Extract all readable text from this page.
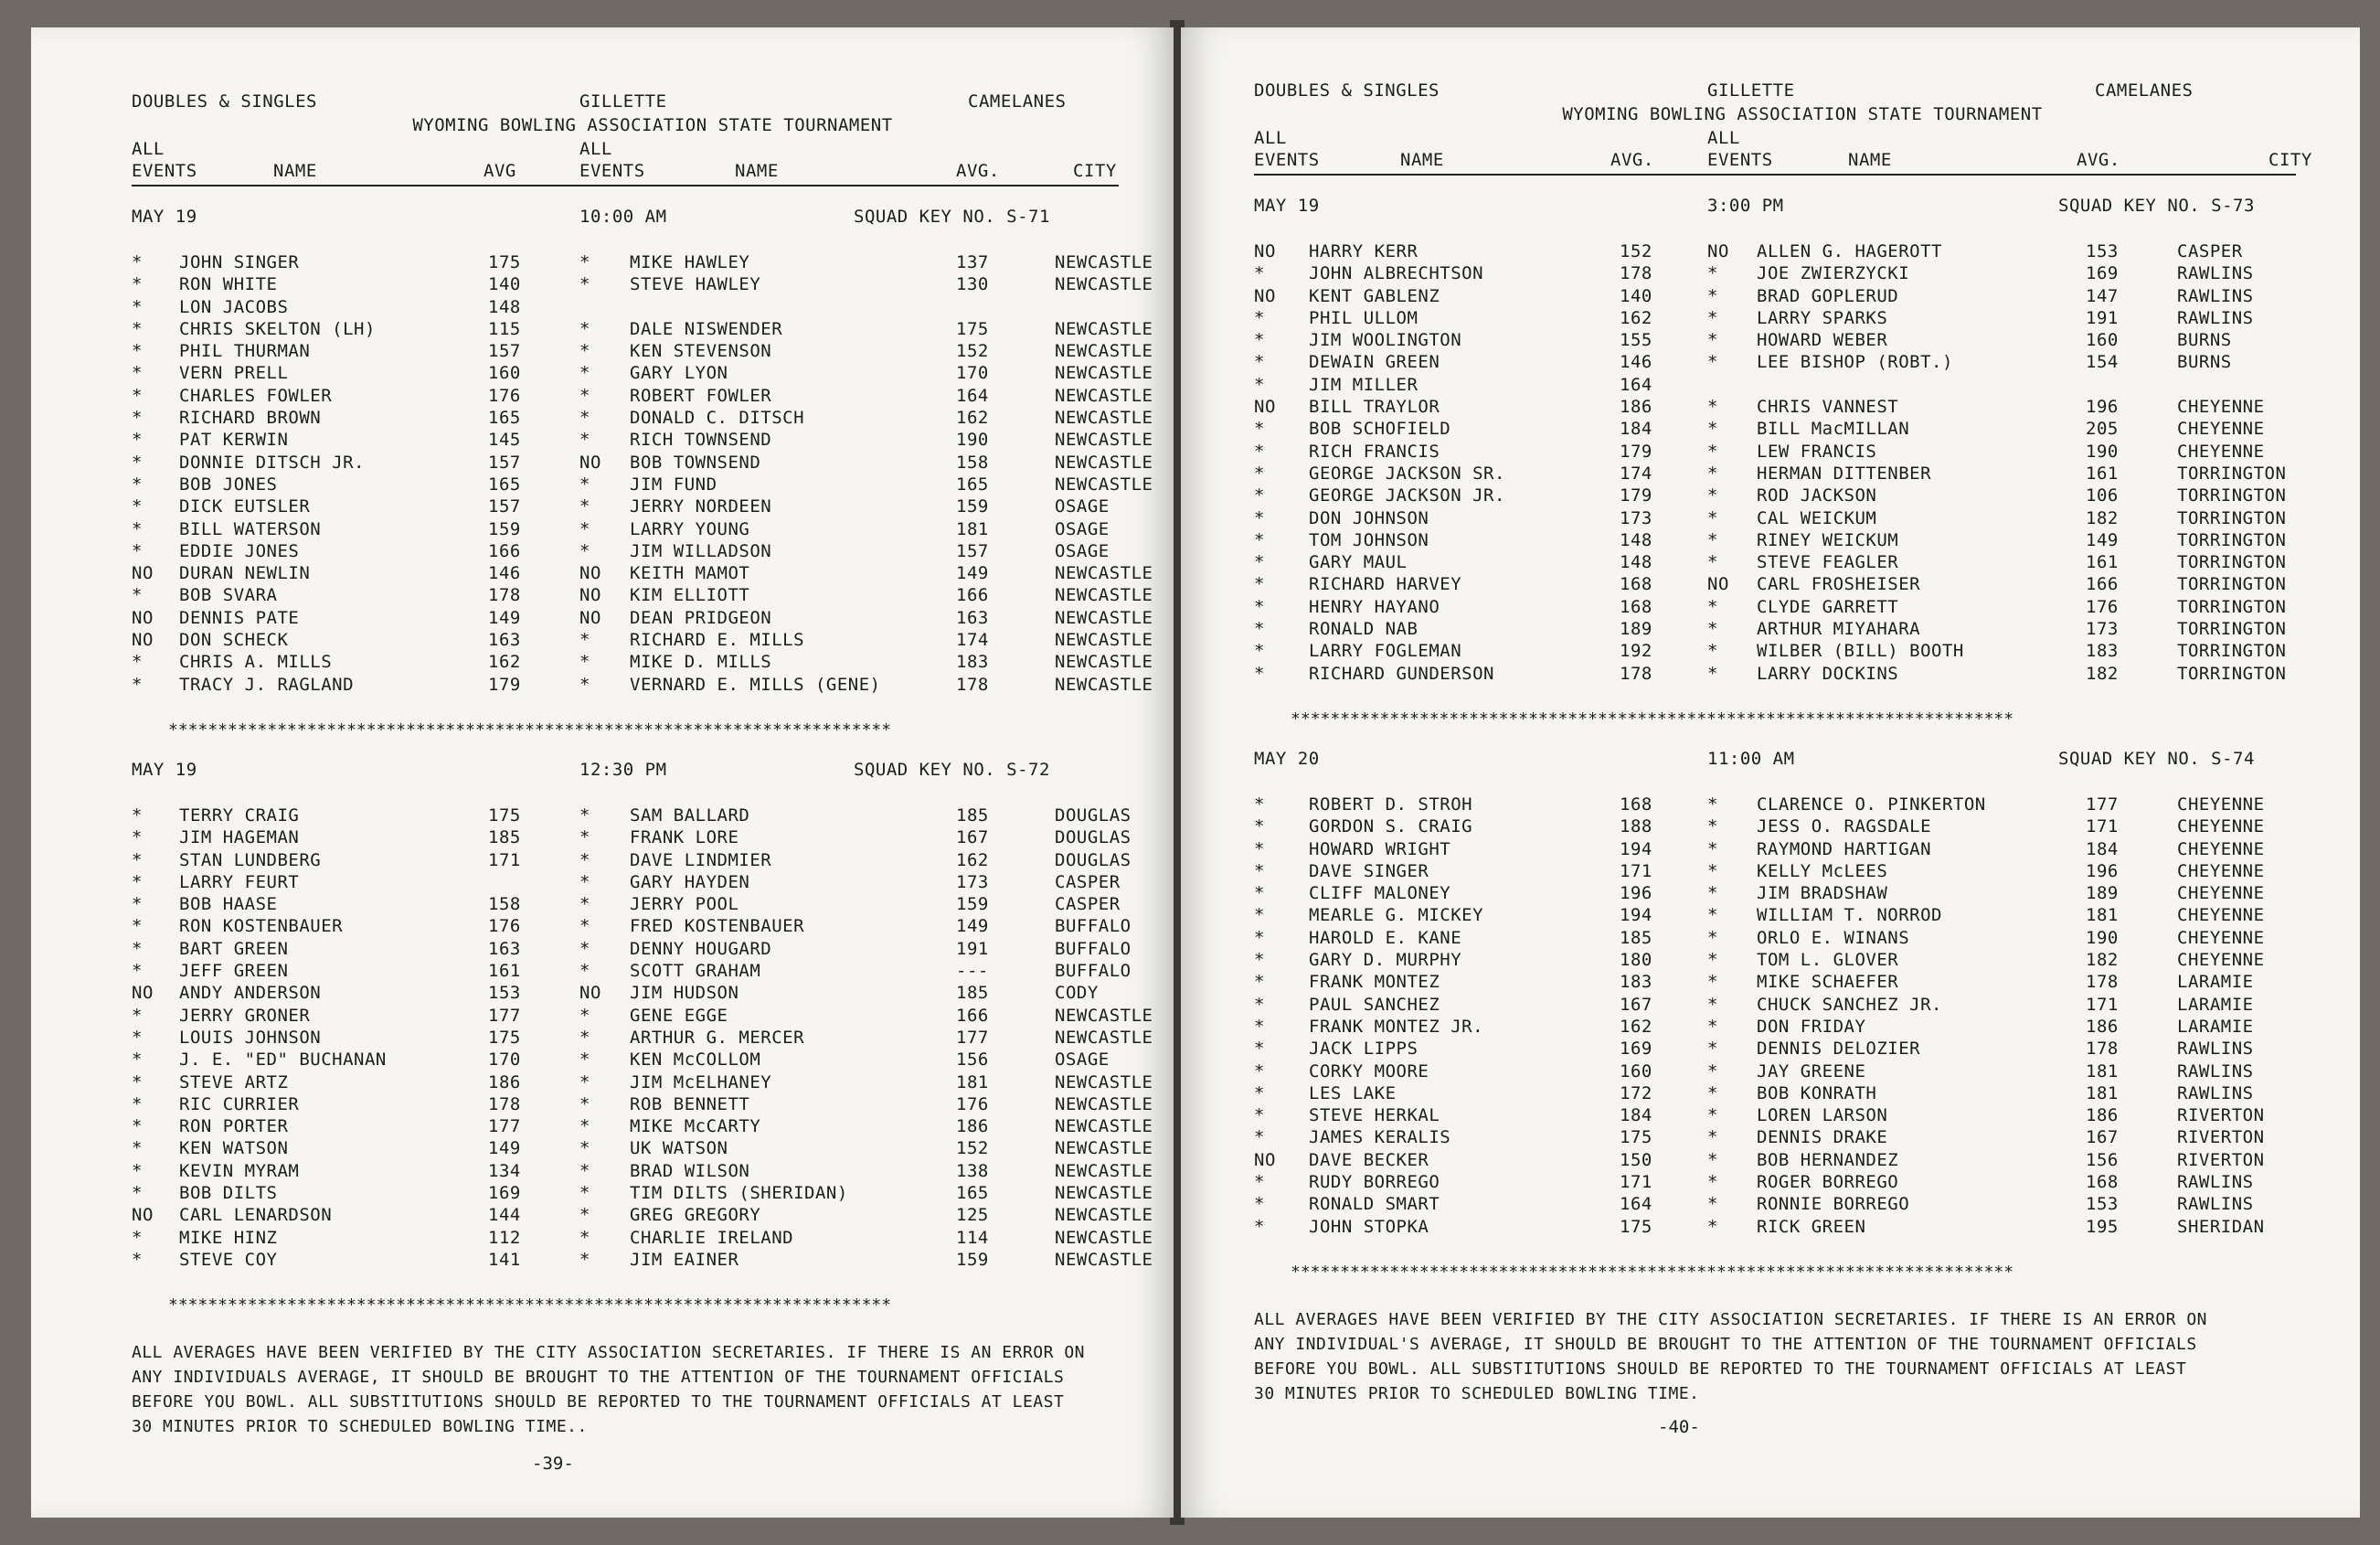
DOUBLES & SINGLES	GILLETTE	CAMELANES
WYOMING BOWLING ASSOCIATION STATE TOURNAMENT
ALL
EVENTS	NAME	AVG
ALL
EVENTS	NAME	AVG.	CITY
MAY 19	10:00 AM	SQUAD KEY NO. S-71
* JOHN SINGER	175	* MIKE HAWLEY	137	NEWCASTLE
* RON WHITE	140	* STEVE HAWLEY	130	NEWCASTLE
* LON JACOBS	148
* CHRIS SKELTON (LH)	115	* DALE NISWENDER	175	NEWCASTLE
* PHIL THURMAN	157	* KEN STEVENSON	152	NEWCASTLE
* VERN PRELL	160	* GARY LYON	170	NEWCASTLE
* CHARLES FOWLER	176	* ROBERT FOWLER	164	NEWCASTLE
* RICHARD BROWN	165	* DONALD C. DITSCH	162	NEWCASTLE
* PAT KERWIN	145	* RICH TOWNSEND	190	NEWCASTLE
* DONNIE DITSCH JR.	157	NO BOB TOWNSEND	158	NEWCASTLE
* BOB JONES	165	* JIM FUND	165	NEWCASTLE
* DICK EUTSLER	157	* JERRY NORDEEN	159	OSAGE
* BILL WATERSON	159	* LARRY YOUNG	181	OSAGE
* EDDIE JONES	166	* JIM WILLADSON	157	OSAGE
NO DURAN NEWLIN	146	NO KEITH MAMOT	149	NEWCASTLE
* BOB SVARA	178	NO KIM ELLIOTT	166	NEWCASTLE
NO DENNIS PATE	149	NO DEAN PRIDGEON	163	NEWCASTLE
NO DON SCHECK	163	* RICHARD E. MILLS	174	NEWCASTLE
* CHRIS A. MILLS	162	* MIKE D. MILLS	183	NEWCASTLE
* TRACY J. RAGLAND	179	* VERNARD E. MILLS (GENE)	178	NEWCASTLE
*************************************************************************
MAY 19	12:30 PM	SQUAD KEY NO. S-72
* TERRY CRAIG	175	* SAM BALLARD	185	DOUGLAS
* JIM HAGEMAN	185	* FRANK LORE	167	DOUGLAS
* STAN LUNDBERG	171	* DAVE LINDMIER	162	DOUGLAS
* LARRY FEURT	* GARY HAYDEN	173	CASPER
* BOB HAASE	158	* JERRY POOL	159	CASPER
* RON KOSTENBAUER	176	* FRED KOSTENBAUER	149	BUFFALO
* BART GREEN	163	* DENNY HOUGARD	191	BUFFALO
* JEFF GREEN	161	* SCOTT GRAHAM	---	BUFFALO
NO ANDY ANDERSON	153	NO JIM HUDSON	185	CODY
* JERRY GRONER	177	* GENE EGGE	166	NEWCASTLE
* LOUIS JOHNSON	175	* ARTHUR G. MERCER	177	NEWCASTLE
* J. E. "ED" BUCHANAN	170	* KEN McCOLLOM	156	OSAGE
* STEVE ARTZ	186	* JIM McELHANEY	181	NEWCASTLE
* RIC CURRIER	178	* ROB BENNETT	176	NEWCASTLE
* RON PORTER	177	* MIKE McCARTY	186	NEWCASTLE
* KEN WATSON	149	* UK WATSON	152	NEWCASTLE
* KEVIN MYRAM	134	* BRAD WILSON	138	NEWCASTLE
* BOB DILTS	169	* TIM DILTS (SHERIDAN)	165	NEWCASTLE
NO CARL LENARDSON	144	* GREG GREGORY	125	NEWCASTLE
* MIKE HINZ	112	* CHARLIE IRELAND	114	NEWCASTLE
* STEVE COY	141	* JIM EAINER	159	NEWCASTLE
*************************************************************************
ALL AVERAGES HAVE BEEN VERIFIED BY THE CITY ASSOCIATION SECRETARIES. IF THERE IS AN ERROR ON ANY INDIVIDUALS AVERAGE, IT SHOULD BE BROUGHT TO THE ATTENTION OF THE TOURNAMENT OFFICIALS BEFORE YOU BOWL. ALL SUBSTITUTIONS SHOULD BE REPORTED TO THE TOURNAMENT OFFICIALS AT LEAST 30 MINUTES PRIOR TO SCHEDULED BOWLING TIME..
-39-
DOUBLES & SINGLES	GILLETTE	CAMELANES
WYOMING BOWLING ASSOCIATION STATE TOURNAMENT
ALL
EVENTS	NAME	AVG.
ALL
EVENTS	NAME	AVG.	CITY
MAY 19	3:00 PM	SQUAD KEY NO. S-73
NO HARRY KERR	152	NO ALLEN G. HAGEROTT	153	CASPER
*	JOHN ALBRECHTSON	178	* JOE ZWIERZYCKI	169	RAWLINS
NO KENT GABLENZ	140	* BRAD GOPLERUD	147	RAWLINS
*	PHIL ULLOM	162	* LARRY SPARKS	191	RAWLINS
*	JIM WOOLINGTON	155	* HOWARD WEBER	160	BURNS
*	DEWAIN GREEN	146	* LEE BISHOP (ROBT.)	154	BURNS
*	JIM MILLER	164
NO BILL TRAYLOR	186	* CHRIS VANNEST	196	CHEYENNE
*	BOB SCHOFIELD	184	* BILL MacMILLAN	205	CHEYENNE
*	RICH FRANCIS	179	* LEW FRANCIS	190	CHEYENNE
*	GEORGE JACKSON SR.	174	* HERMAN DITTENBER	161	TORRINGTON
*	GEORGE JACKSON JR.	179	* ROD JACKSON	106	TORRINGTON
*	DON JOHNSON	173	* CAL WEICKUM	182	TORRINGTON
*	TOM JOHNSON	148	* RINEY WEICKUM	149	TORRINGTON
*	GARY MAUL	148	* STEVE FEAGLER	161	TORRINGTON
*	RICHARD HARVEY	168	NO CARL FROSHEISER	166	TORRINGTON
*	HENRY HAYANO	168	* CLYDE GARRETT	176	TORRINGTON
*	RONALD NAB	189	* ARTHUR MIYAHARA	173	TORRINGTON
*	LARRY FOGLEMAN	192	* WILBER (BILL) BOOTH	183	TORRINGTON
*	RICHARD GUNDERSON	178	* LARRY DOCKINS	182	TORRINGTON
*************************************************************************
MAY 20	11:00 AM	SQUAD KEY NO. S-74
*	ROBERT D. STROH	168	* CLARENCE O. PINKERTON	177	CHEYENNE
*	GORDON S. CRAIG	188	* JESS O. RAGSDALE	171	CHEYENNE
*	HOWARD WRIGHT	194	* RAYMOND HARTIGAN	184	CHEYENNE
*	DAVE SINGER	171	* KELLY McLEES	196	CHEYENNE
*	CLIFF MALONEY	196	* JIM BRADSHAW	189	CHEYENNE
*	MEARLE G. MICKEY	194	* WILLIAM T. NORROD	181	CHEYENNE
*	HAROLD E. KANE	185	* ORLO E. WINANS	190	CHEYENNE
*	GARY D. MURPHY	180	* TOM L. GLOVER	182	CHEYENNE
*	FRANK MONTEZ	183	* MIKE SCHAEFER	178	LARAMIE
*	PAUL SANCHEZ	167	* CHUCK SANCHEZ JR.	171	LARAMIE
*	FRANK MONTEZ JR.	162	* DON FRIDAY	186	LARAMIE
*	JACK LIPPS	169	* DENNIS DELOZIER	178	RAWLINS
*	CORKY MOORE	160	* JAY GREENE	181	RAWLINS
*	LES LAKE	172	* BOB KONRATH	181	RAWLINS
*	STEVE HERKAL	184	* LOREN LARSON	186	RIVERTON
*	JAMES KERALIS	175	* DENNIS DRAKE	167	RIVERTON
NO DAVE BECKER	150	* BOB HERNANDEZ	156	RIVERTON
*	RUDY BORREGO	171	* ROGER BORREGO	168	RAWLINS
*	RONALD SMART	164	* RONNIE BORREGO	153	RAWLINS
*	JOHN STOPKA	175	* RICK GREEN	195	SHERIDAN
*************************************************************************
ALL AVERAGES HAVE BEEN VERIFIED BY THE CITY ASSOCIATION SECRETARIES. IF THERE IS AN ERROR ON ANY INDIVIDUAL'S AVERAGE, IT SHOULD BE BROUGHT TO THE ATTENTION OF THE TOURNAMENT OFFICIALS BEFORE YOU BOWL. ALL SUBSTITUTIONS SHOULD BE REPORTED TO THE TOURNAMENT OFFICIALS AT LEAST 30 MINUTES PRIOR TO SCHEDULED BOWLING TIME.
-40-
